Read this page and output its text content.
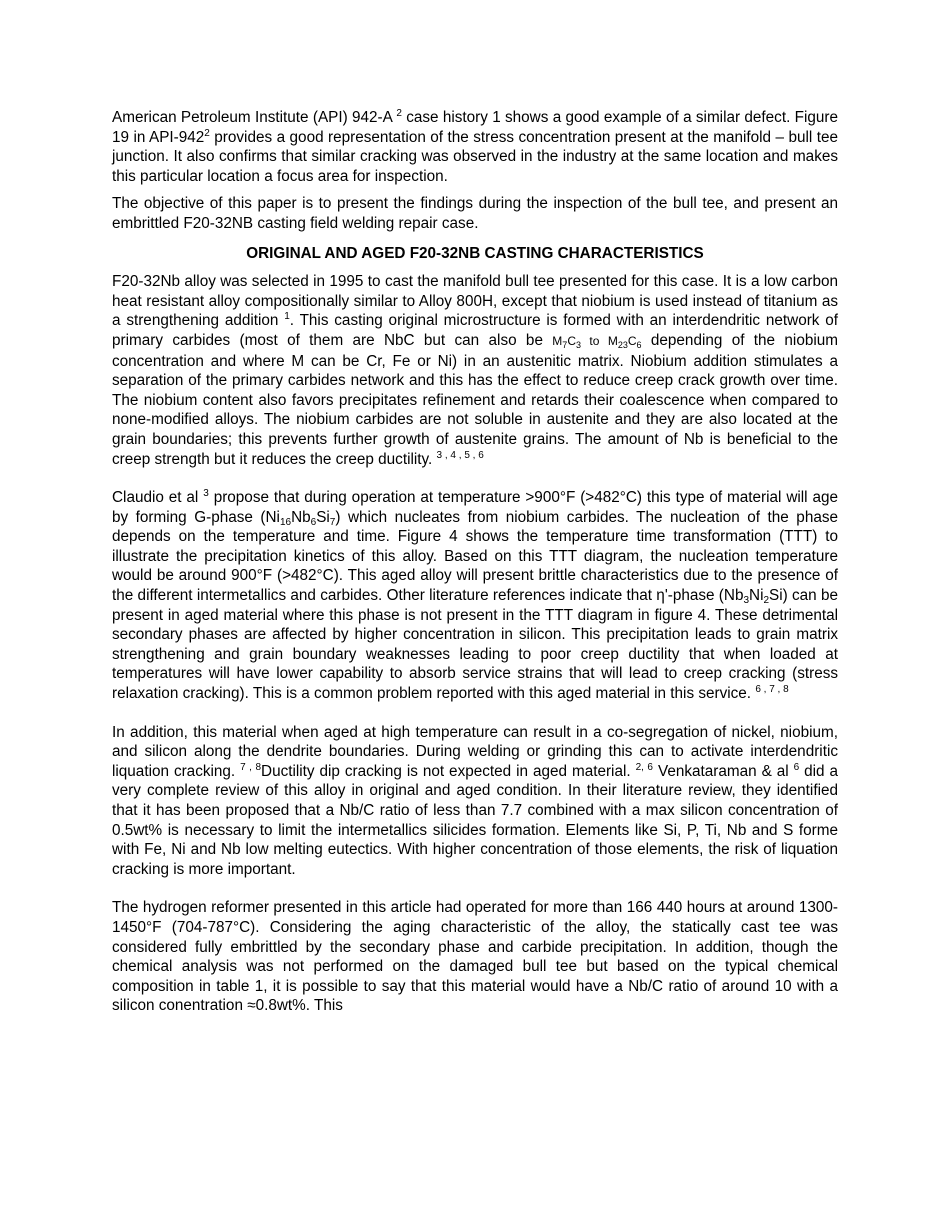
American Petroleum Institute (API) 942-A $^2$ case history 1 shows a good example of a similar defect. Figure 19 in API-$942^2$ provides a good representation of the stress concentration present at the manifold – bull tee junction. It also confirms that similar cracking was observed in the industry at the same location and makes this particular location a focus area for inspection.

The objective of this paper is to present the findings during the inspection of the bull tee, and present an embrittled F20-32NB casting field welding repair case.

ORIGINAL AND AGED F20-32NB CASTING CHARACTERISTICS

F20-32Nb alloy was selected in 1995 to cast the manifold bull tee presented for this case. It is a low carbon heat resistant alloy compositionally similar to Alloy 800H, except that niobium is used instead of titanium as a strengthening addition $^1$. This casting original microstructure is formed with an interdendritic network of primary carbides (most of them are NbC but can also be $M_7C_3$ to $M_{23}C_6$ depending of the niobium concentration and where M can be Cr, Fe or Ni) in an austenitic matrix. Niobium addition stimulates a separation of the primary carbides network and this has the effect to reduce creep crack growth over time. The niobium content also favors precipitates refinement and retards their coalescence when compared to none-modified alloys. The niobium carbides are not soluble in austenite and they are also located at the grain boundaries; this prevents further growth of austenite grains. The amount of Nb is beneficial to the creep strength but it reduces the creep ductility. $^{3 , 4 , 5 , 6}$

Claudio et al $^3$ propose that during operation at temperature >900°F (>482°C) this type of material will age by forming G-phase $(Ni_{16}Nb_6Si_7)$ which nucleates from niobium carbides. The nucleation of the phase depends on the temperature and time. Figure 4 shows the temperature time transformation (TTT) to illustrate the precipitation kinetics of this alloy. Based on this TTT diagram, the nucleation temperature would be around 900°F (>482°C). This aged alloy will present brittle characteristics due to the presence of the different intermetallics and carbides. Other literature references indicate that η'-phase $(Nb_3Ni_2Si)$ can be present in aged material where this phase is not present in the TTT diagram in figure 4. These detrimental secondary phases are affected by higher concentration in silicon. This precipitation leads to grain matrix strengthening and grain boundary weaknesses leading to poor creep ductility that when loaded at temperatures will have lower capability to absorb service strains that will lead to creep cracking (stress relaxation cracking). This is a common problem reported with this aged material in this service. $^{6 , 7 , 8}$

In addition, this material when aged at high temperature can result in a co-segregation of nickel, niobium, and silicon along the dendrite boundaries. During welding or grinding this can to activate interdendritic liquation cracking. $^{7 , 8}$Ductility dip cracking is not expected in aged material. $^{2, 6}$ Venkataraman & al $^6$ did a very complete review of this alloy in original and aged condition. In their literature review, they identified that it has been proposed that a Nb/C ratio of less than 7.7 combined with a max silicon concentration of 0.5wt% is necessary to limit the intermetallics silicides formation. Elements like Si, P, Ti, Nb and S forme with Fe, Ni and Nb low melting eutectics. With higher concentration of those elements, the risk of liquation cracking is more important.

The hydrogen reformer presented in this article had operated for more than 166 440 hours at around 1300-1450°F (704-787°C). Considering the aging characteristic of the alloy, the statically cast tee was considered fully embrittled by the secondary phase and carbide precipitation. In addition, though the chemical analysis was not performed on the damaged bull tee but based on the typical chemical composition in table 1, it is possible to say that this material would have a Nb/C ratio of around 10 with a silicon conentration ≈0.8wt%. This
